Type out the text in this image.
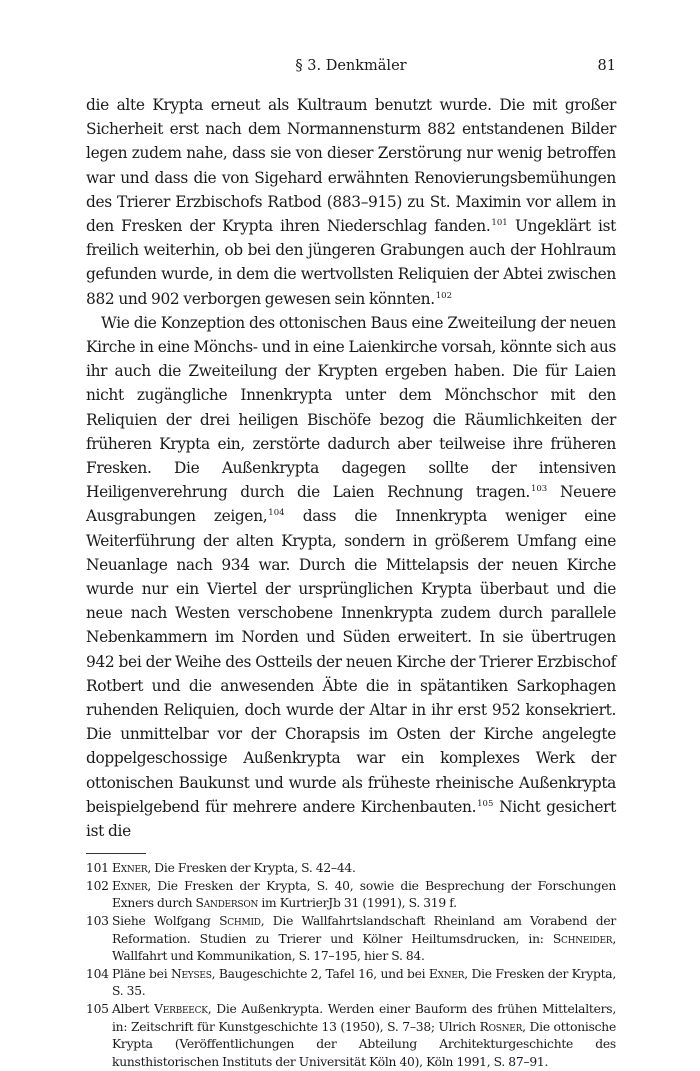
§ 3. Denkmäler	81

die alte Krypta erneut als Kultraum benutzt wurde. Die mit großer Sicherheit erst nach dem Normannensturm 882 entstandenen Bilder legen zudem nahe, dass sie von dieser Zerstörung nur wenig betroffen war und dass die von Sigehard erwähnten Renovierungsbemühungen des Trierer Erzbischofs Ratbod (883–915) zu St. Maximin vor allem in den Fresken der Krypta ihren Niederschlag fanden.$^{101}$ Ungeklärt ist freilich weiterhin, ob bei den jüngeren Grabungen auch der Hohlraum gefunden wurde, in dem die wertvollsten Reliquien der Abtei zwischen 882 und 902 verborgen gewesen sein könnten.$^{102}$

Wie die Konzeption des ottonischen Baus eine Zweiteilung der neuen Kirche in eine Mönchs- und in eine Laienkirche vorsah, könnte sich aus ihr auch die Zweiteilung der Krypten ergeben haben. Die für Laien nicht zugängliche Innenkrypta unter dem Mönchschor mit den Reliquien der drei heiligen Bischöfe bezog die Räumlichkeiten der früheren Krypta ein, zerstörte dadurch aber teilweise ihre früheren Fresken. Die Außenkrypta dagegen sollte der intensiven Heiligenverehrung durch die Laien Rechnung tragen.$^{103}$ Neuere Ausgrabungen zeigen,$^{104}$ dass die Innenkrypta weniger eine Weiterführung der alten Krypta, sondern in größerem Umfang eine Neuanlage nach 934 war. Durch die Mittelapsis der neuen Kirche wurde nur ein Viertel der ursprünglichen Krypta überbaut und die neue nach Westen verschobene Innenkrypta zudem durch parallele Nebenkammern im Norden und Süden erweitert. In sie übertrugen 942 bei der Weihe des Ostteils der neuen Kirche der Trierer Erzbischof Rotbert und die anwesenden Äbte die in spätantiken Sarkophagen ruhenden Reliquien, doch wurde der Altar in ihr erst 952 konsekriert. Die unmittelbar vor der Chorapsis im Osten der Kirche angelegte doppelgeschossige Außenkrypta war ein komplexes Werk der ottonischen Baukunst und wurde als früheste rheinische Außenkrypta beispielgebend für mehrere andere Kirchenbauten.$^{105}$ Nicht gesichert ist die

101 Exner, Die Fresken der Krypta, S. 42–44.
102 Exner, Die Fresken der Krypta, S. 40, sowie die Besprechung der Forschungen Exners durch Sanderson im KurtrierJb 31 (1991), S. 319 f.
103 Siehe Wolfgang Schmid, Die Wallfahrtslandschaft Rheinland am Vorabend der Reformation. Studien zu Trierer und Kölner Heiltumsdrucken, in: Schneider, Wallfahrt und Kommunikation, S. 17–195, hier S. 84.
104 Pläne bei Neyses, Baugeschichte 2, Tafel 16, und bei Exner, Die Fresken der Krypta, S. 35.
105 Albert Verbeeck, Die Außenkrypta. Werden einer Bauform des frühen Mittelalters, in: Zeitschrift für Kunstgeschichte 13 (1950), S. 7–38; Ulrich Rosner, Die ottonische Krypta (Veröffentlichungen der Abteilung Architekturgeschichte des kunsthistorischen Instituts der Universität Köln 40), Köln 1991, S. 87–91.
